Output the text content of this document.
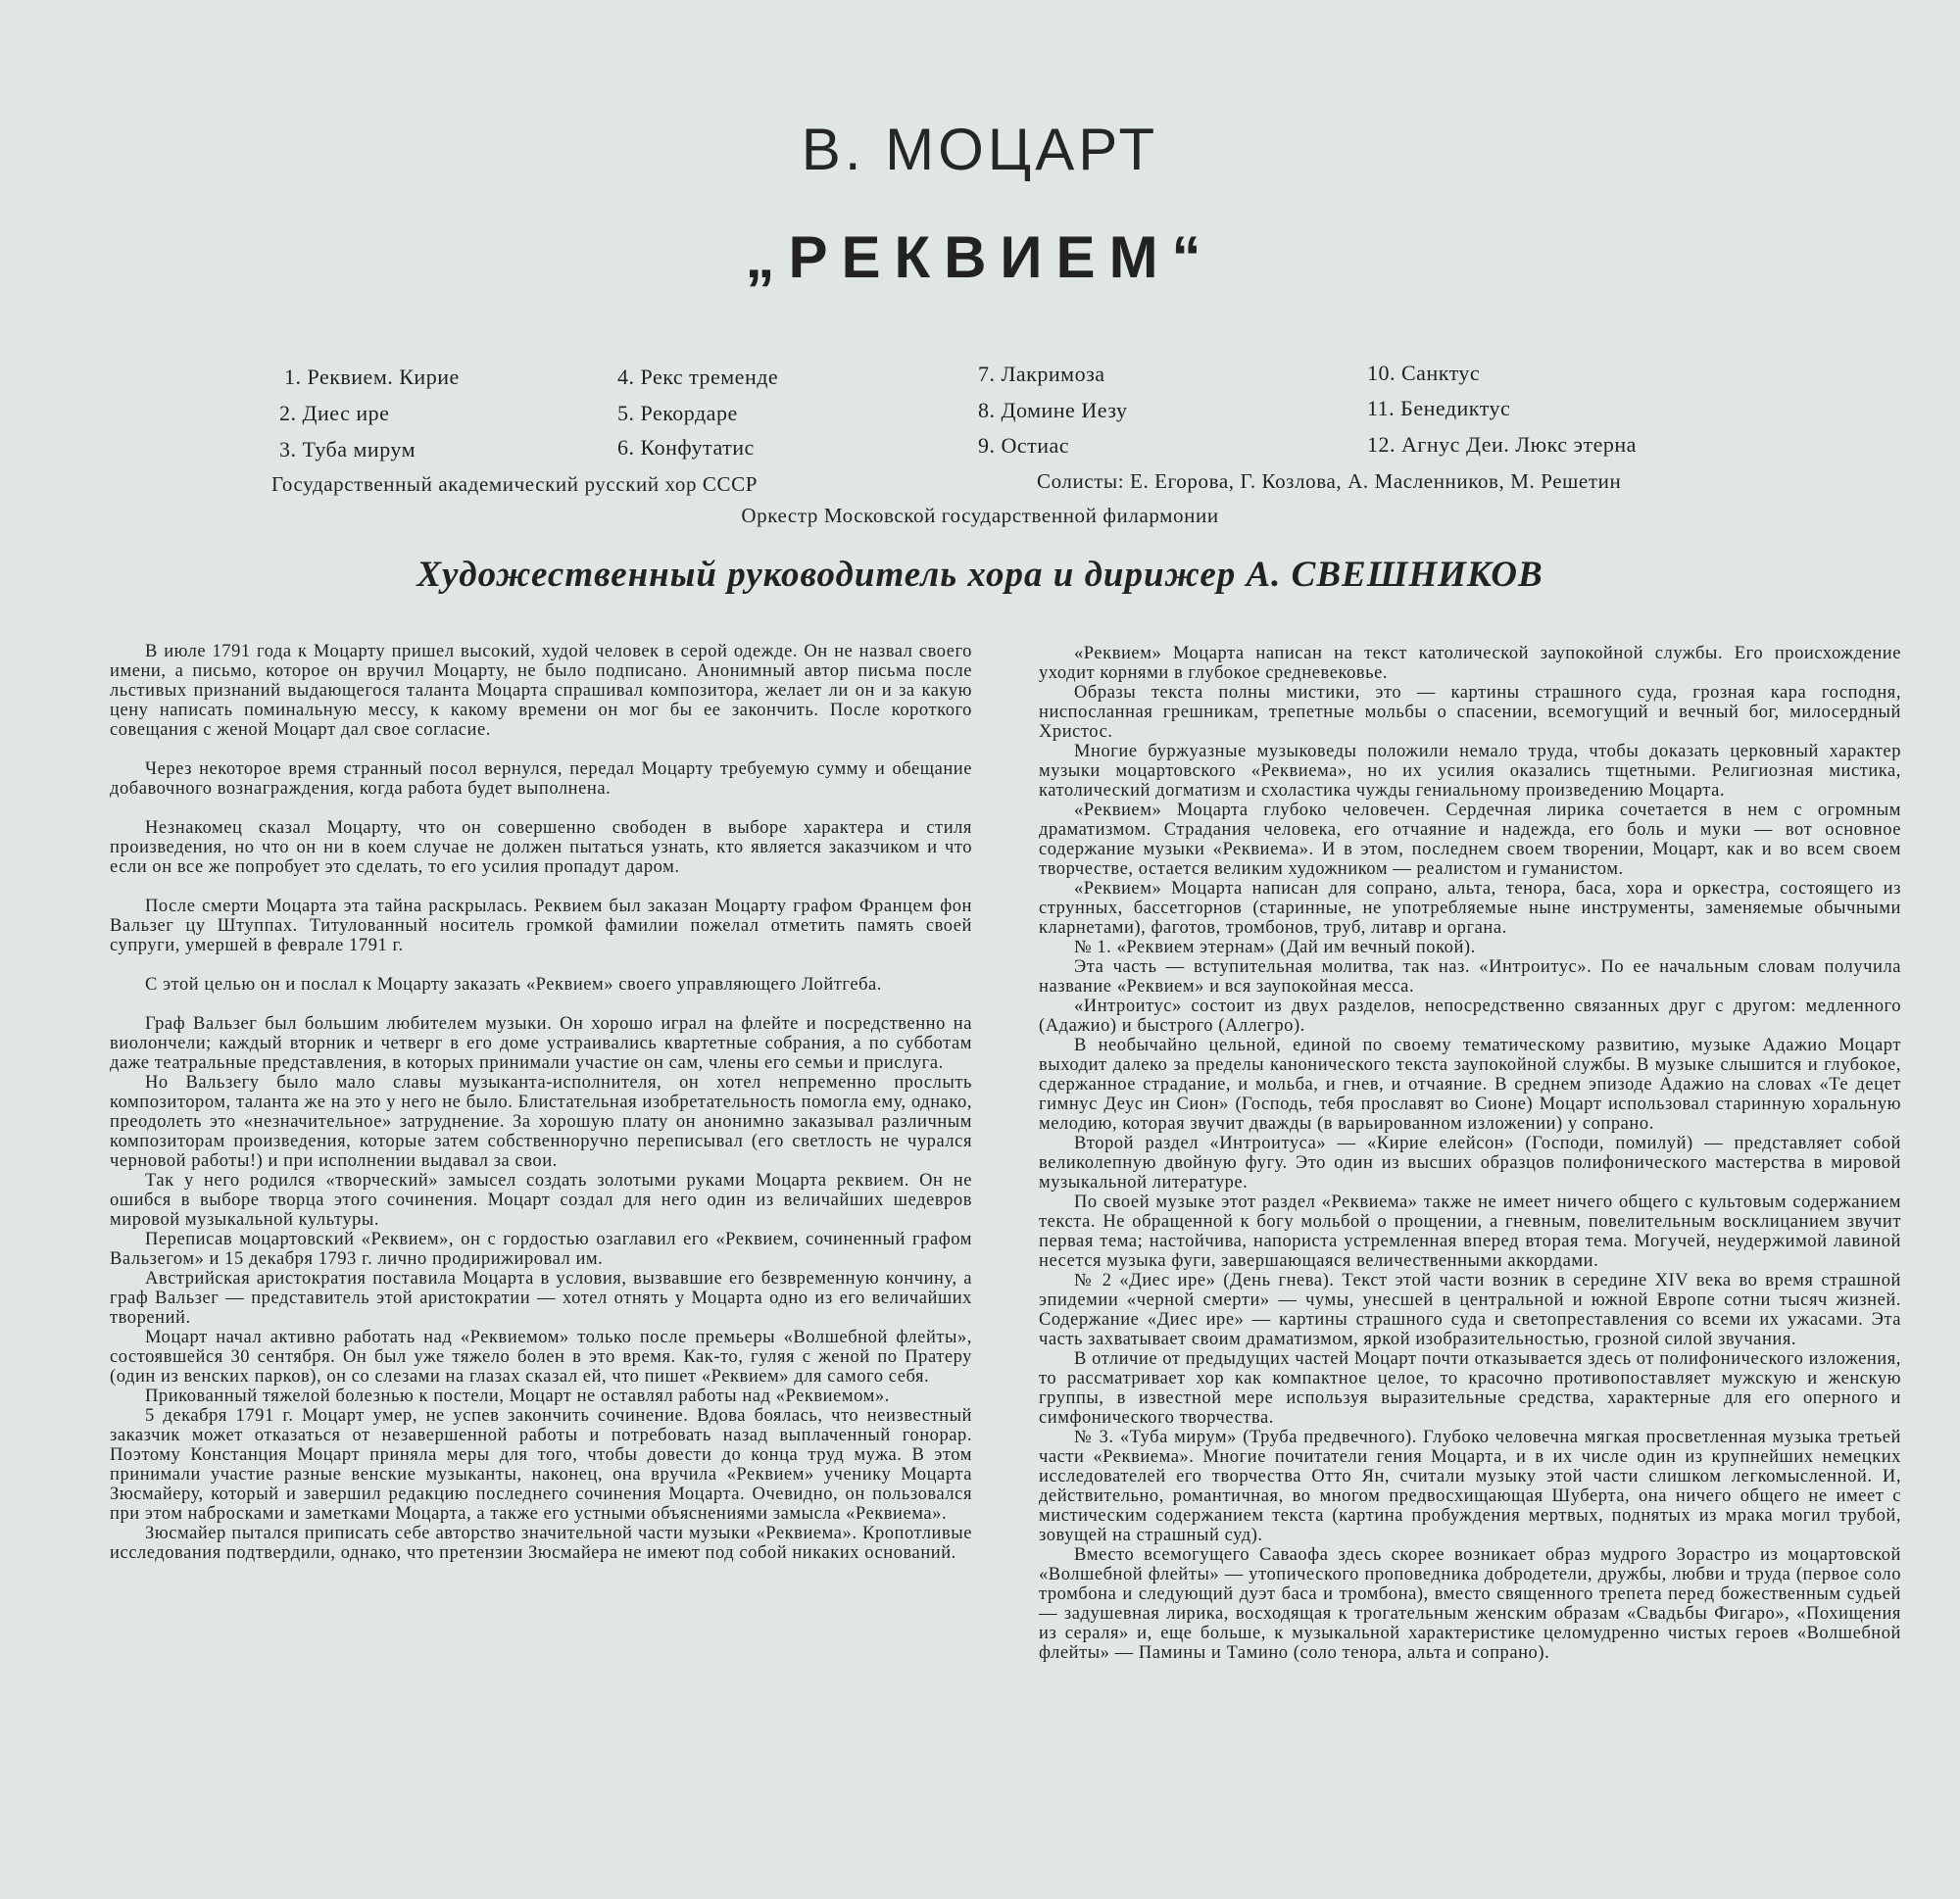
В. МОЦАРТ
„РЕКВИЕМ“
1. Реквием. Кирие
2. Диес ире
3. Туба мирум
4. Рекс тремендe
5. Рекордаре
6. Конфутатис
7. Лакримоза
8. Домине Иезу
9. Остиас
10. Санктус
11. Бенедиктус
12. Агнус Деи. Люкс этерна
Государственный академический русский хор СССР	Солисты: Е. Егорова, Г. Козлова, А. Масленников, М. Решетин
Оркестр Московской государственной филармонии
Художественный руководитель хора и дирижер А. СВЕШНИКОВ

В июле 1791 года к Моцарту пришел высокий, худой человек в серой одежде. Он не назвал своего имени, а письмо, которое он вручил Моцарту, не было подписано. Анонимный автор письма после льстивых признаний выдающегося таланта Моцарта спрашивал композитора, желает ли он и за какую цену написать поминальную мессу, к какому времени он мог бы ее закончить. После короткого совещания с женой Моцарт дал свое согласие.

Через некоторое время странный посол вернулся, передал Моцарту требуемую сумму и обещание добавочного вознаграждения, когда работа будет выполнена.

Незнакомец сказал Моцарту, что он совершенно свободен в выборе характера и стиля произведения, но что он ни в коем случае не должен пытаться узнать, кто является заказчиком и что если он все же попробует это сделать, то его усилия пропадут даром.

После смерти Моцарта эта тайна раскрылась. Реквием был заказан Моцарту графом Францем фон Вальзег цу Штуппах. Титулованный носитель громкой фамилии пожелал отметить память своей супруги, умершей в феврале 1791 г.

С этой целью он и послал к Моцарту заказать «Реквием» своего управляющего Лойтгеба.

Граф Вальзег был большим любителем музыки. Он хорошо играл на флейте и посредственно на виолончели; каждый вторник и четверг в его доме устраивались квартетные собрания, а по субботам даже театральные представления, в которых принимали участие он сам, члены его семьи и прислуга.

Но Вальзегу было мало славы музыканта-исполнителя, он хотел непременно прослыть композитором, таланта же на это у него не было. Блистательная изобретательность помогла ему, однако, преодолеть это «незначительное» затруднение. За хорошую плату он анонимно заказывал различным композиторам произведения, которые затем собственноручно переписывал (его светлость не чурался черновой работы!) и при исполнении выдавал за свои.

Так у него родился «творческий» замысел создать золотыми руками Моцарта реквием. Он не ошибся в выборе творца этого сочинения. Моцарт создал для него один из величайших шедевров мировой музыкальной культуры.

Переписав моцартовский «Реквием», он с гордостью озаглавил его «Реквием, сочиненный графом Вальзегом» и 15 декабря 1793 г. лично продирижировал им.

Австрийская аристократия поставила Моцарта в условия, вызвавшие его безвременную кончину, а граф Вальзег — представитель этой аристократии — хотел отнять у Моцарта одно из его величайших творений.

Моцарт начал активно работать над «Реквиемом» только после премьеры «Волшебной флейты», состоявшейся 30 сентября. Он был уже тяжело болен в это время. Как-то, гуляя с женой по Пратеру (один из венских парков), он со слезами на глазах сказал ей, что пишет «Реквием» для самого себя.

Прикованный тяжелой болезнью к постели, Моцарт не оставлял работы над «Реквиемом».

5 декабря 1791 г. Моцарт умер, не успев закончить сочинение. Вдова боялась, что неизвестный заказчик может отказаться от незавершенной работы и потребовать назад выплаченный гонорар. Поэтому Констанция Моцарт приняла меры для того, чтобы довести до конца труд мужа. В этом принимали участие разные венские музыканты, наконец, она вручила «Реквием» ученику Моцарта Зюсмайеру, который и завершил редакцию последнего сочинения Моцарта. Очевидно, он пользовался при этом набросками и заметками Моцарта, а также его устными объяснениями замысла «Реквиема».

Зюсмайер пытался приписать себе авторство значительной части музыки «Реквиема». Кропотливые исследования подтвердили, однако, что претензии Зюсмайера не имеют под собой никаких оснований.

«Реквием» Моцарта написан на текст католической заупокойной службы. Его происхождение уходит корнями в глубокое средневековье.

Образы текста полны мистики, это — картины страшного суда, грозная кара господня, ниспосланная грешникам, трепетные мольбы о спасении, всемогущий и вечный бог, милосердный Христос.

Многие буржуазные музыковеды положили немало труда, чтобы доказать церковный характер музыки моцартовского «Реквиема», но их усилия оказались тщетными. Религиозная мистика, католический догматизм и схоластика чужды гениальному произведению Моцарта.

«Реквием» Моцарта глубоко человечен. Сердечная лирика сочетается в нем с огромным драматизмом. Страдания человека, его отчаяние и надежда, его боль и муки — вот основное содержание музыки «Реквиема». И в этом, последнем своем творении, Моцарт, как и во всем своем творчестве, остается великим художником — реалистом и гуманистом.

«Реквием» Моцарта написан для сопрано, альта, тенора, баса, хора и оркестра, состоящего из струнных, бассетгорнов (старинные, не употребляемые ныне инструменты, заменяемые обычными кларнетами), фаготов, тромбонов, труб, литавр и органа.

№ 1. «Реквием этернам» (Дай им вечный покой).

Эта часть — вступительная молитва, так наз. «Интроитус». По ее начальным словам получила название «Реквием» и вся заупокойная месса.

«Интроитус» состоит из двух разделов, непосредственно связанных друг с другом: медленного (Адажио) и быстрого (Аллегро).

В необычайно цельной, единой по своему тематическому развитию, музыке Адажио Моцарт выходит далеко за пределы канонического текста заупокойной службы. В музыке слышится и глубокое, сдержанное страдание, и мольба, и гнев, и отчаяние. В среднем эпизоде Адажио на словах «Те децет гимнус Деус ин Сион» (Господь, тебя прославят во Сионе) Моцарт использовал старинную хоральную мелодию, которая звучит дважды (в варьированном изложении) у сопрано.

Второй раздел «Интроитуса» — «Кирие елейсон» (Господи, помилуй) — представляет собой великолепную двойную фугу. Это один из высших образцов полифонического мастерства в мировой музыкальной литературе.

По своей музыке этот раздел «Реквиема» также не имеет ничего общего с культовым содержанием текста. Не обращенной к богу мольбой о прощении, а гневным, повелительным восклицанием звучит первая тема; настойчива, напориста устремленная вперед вторая тема. Могучей, неудержимой лавиной несется музыка фуги, завершающаяся величественными аккордами.

№ 2 «Диес ире» (День гнева). Текст этой части возник в середине XIV века во время страшной эпидемии «черной смерти» — чумы, унесшей в центральной и южной Европе сотни тысяч жизней. Содержание «Диес ире» — картины страшного суда и светопреставления со всеми их ужасами. Эта часть захватывает своим драматизмом, яркой изобразительностью, грозной силой звучания.

В отличие от предыдущих частей Моцарт почти отказывается здесь от полифонического изложения, то рассматривает хор как компактное целое, то красочно противопоставляет мужскую и женскую группы, в известной мере используя выразительные средства, характерные для его оперного и симфонического творчества.

№ 3. «Туба мирум» (Труба предвечного). Глубоко человечна мягкая просветленная музыка третьей части «Реквиема». Многие почитатели гения Моцарта, и в их числе один из крупнейших немецких исследователей его творчества Отто Ян, считали музыку этой части слишком легкомысленной. И, действительно, романтичная, во многом предвосхищающая Шуберта, она ничего общего не имеет с мистическим содержанием текста (картина пробуждения мертвых, поднятых из мрака могил трубой, зовущей на страшный суд).

Вместо всемогущего Саваофа здесь скорее возникает образ мудрого Зорастро из моцартовской «Волшебной флейты» — утопического проповедника добродетели, дружбы, любви и труда (первое соло тромбона и следующий дуэт баса и тромбона), вместо священного трепета перед божественным судьей — задушевная лирика, восходящая к трогательным женским образам «Свадьбы Фигаро», «Похищения из сераля» и, еще больше, к музыкальной характеристике целомудренно чистых героев «Волшебной флейты» — Памины и Тамино (соло тенора, альта и сопрано).
